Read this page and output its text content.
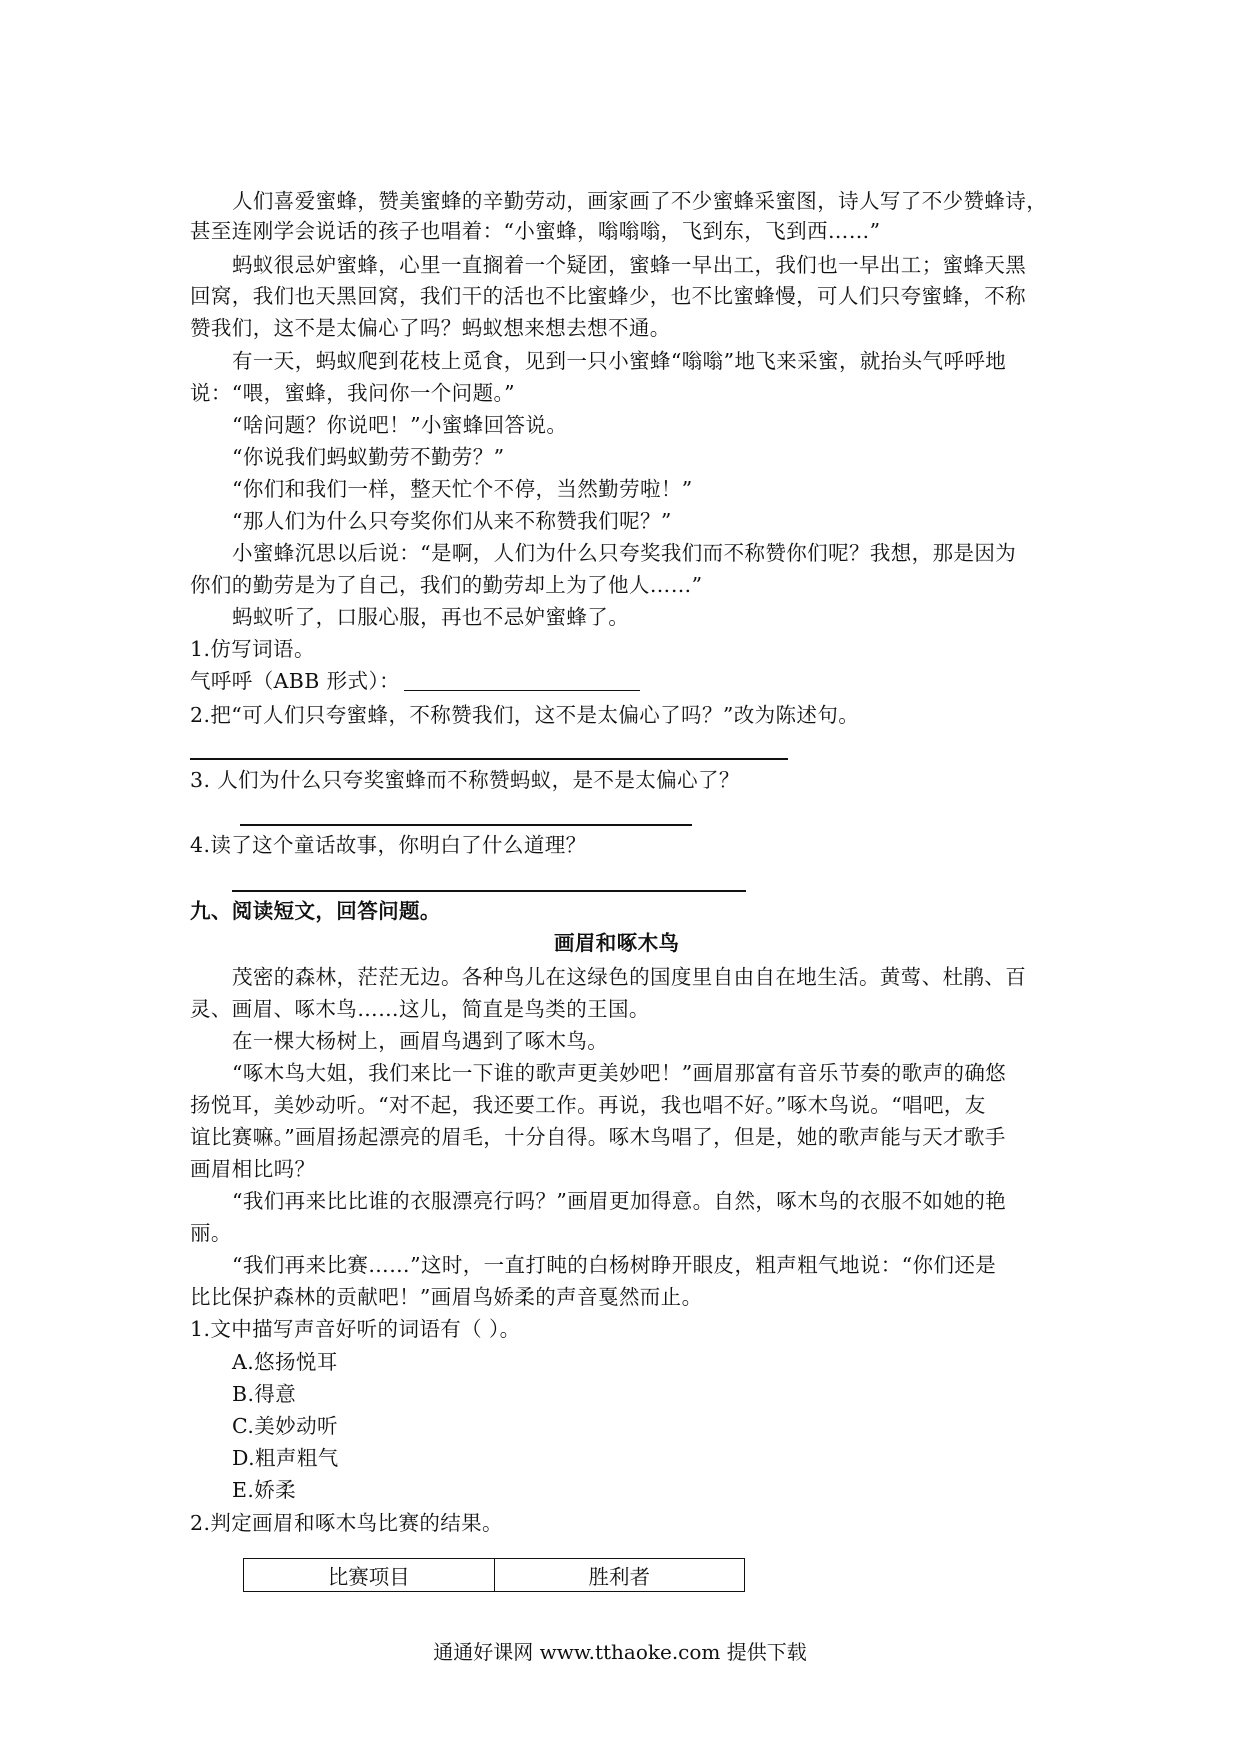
人们喜爱蜜蜂，赞美蜜蜂的辛勤劳动，画家画了不少蜜蜂采蜜图，诗人写了不少赞蜂诗，
甚至连刚学会说话的孩子也唱着：“小蜜蜂，嗡嗡嗡，飞到东，飞到西……”
蚂蚁很忌妒蜜蜂，心里一直搁着一个疑团，蜜蜂一早出工，我们也一早出工；蜜蜂天黑
回窝，我们也天黑回窝，我们干的活也不比蜜蜂少，也不比蜜蜂慢，可人们只夸蜜蜂，不称
赞我们，这不是太偏心了吗？蚂蚁想来想去想不通。
有一天，蚂蚁爬到花枝上觅食，见到一只小蜜蜂“嗡嗡”地飞来采蜜，就抬头气呼呼地
说：“喂，蜜蜂，我问你一个问题。”
“啥问题？你说吧！”小蜜蜂回答说。
“你说我们蚂蚁勤劳不勤劳？”
“你们和我们一样，整天忙个不停，当然勤劳啦！”
“那人们为什么只夸奖你们从来不称赞我们呢？”
小蜜蜂沉思以后说：“是啊，人们为什么只夸奖我们而不称赞你们呢？我想，那是因为
你们的勤劳是为了自己，我们的勤劳却上为了他人……”
蚂蚁听了，口服心服，再也不忌妒蜜蜂了。
1.仿写词语。
气呼呼（ABB 形式）：
2.把“可人们只夸蜜蜂，不称赞我们，这不是太偏心了吗？”改为陈述句。
3. 人们为什么只夸奖蜜蜂而不称赞蚂蚁，是不是太偏心了？
4.读了这个童话故事，你明白了什么道理？
九、阅读短文，回答问题。
画眉和啄木鸟
茂密的森林，茫茫无边。各种鸟儿在这绿色的国度里自由自在地生活。黄莺、杜鹃、百
灵、画眉、啄木鸟……这儿，简直是鸟类的王国。
在一棵大杨树上，画眉鸟遇到了啄木鸟。
“啄木鸟大姐，我们来比一下谁的歌声更美妙吧！”画眉那富有音乐节奏的歌声的确悠
扬悦耳，美妙动听。“对不起，我还要工作。再说，我也唱不好。”啄木鸟说。“唱吧，友
谊比赛嘛。”画眉扬起漂亮的眉毛，十分自得。啄木鸟唱了，但是，她的歌声能与天才歌手
画眉相比吗？
“我们再来比比谁的衣服漂亮行吗？”画眉更加得意。自然，啄木鸟的衣服不如她的艳
丽。
“我们再来比赛……”这时，一直打盹的白杨树睁开眼皮，粗声粗气地说：“你们还是
比比保护森林的贡献吧！”画眉鸟娇柔的声音戛然而止。
1.文中描写声音好听的词语有（ ）。
A.悠扬悦耳
B.得意
C.美妙动听
D.粗声粗气
E.娇柔
2.判定画眉和啄木鸟比赛的结果。
比赛项目	胜利者
通通好课网 www.tthaoke.com 提供下载
